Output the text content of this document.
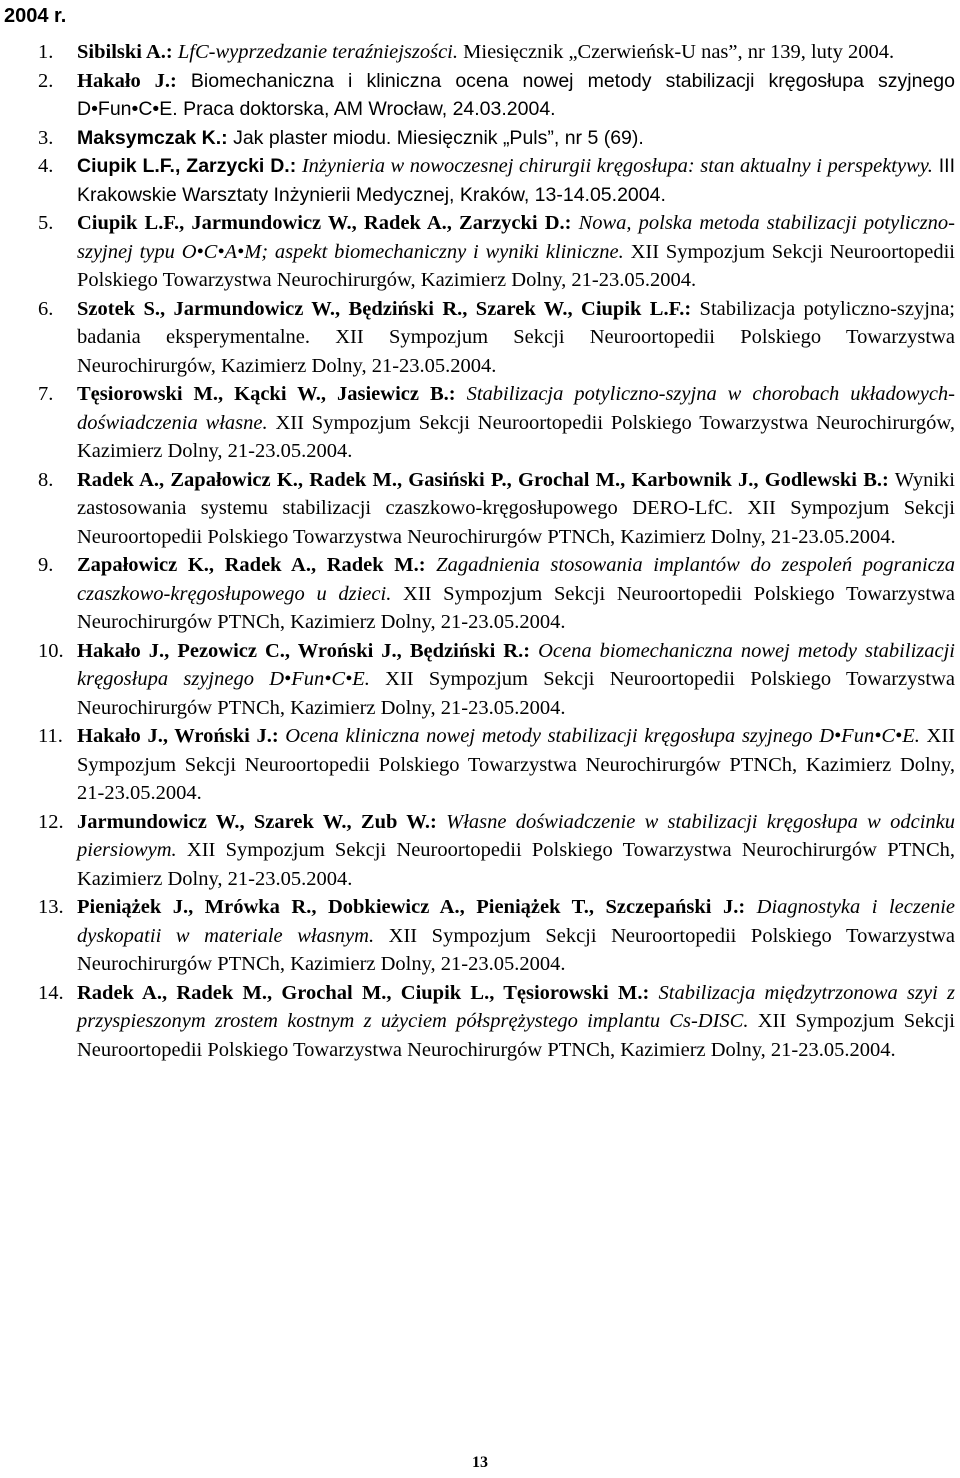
2004 r.
1. Sibilski A.: LfC-wyprzedzanie teraźniejszości. Miesięcznik „Czerwieńsk-U nas”, nr 139, luty 2004.
2. Hakało J.: Biomechaniczna i kliniczna ocena nowej metody stabilizacji kręgosłupa szyjnego D•Fun•C•E. Praca doktorska, AM Wrocław, 24.03.2004.
3. Maksymczak K.: Jak plaster miodu. Miesięcznik „Puls”, nr 5 (69).
4. Ciupik L.F., Zarzycki D.: Inżynieria w nowoczesnej chirurgii kręgosłupa: stan aktualny i perspektywy. III Krakowskie Warsztaty Inżynierii Medycznej, Kraków, 13-14.05.2004.
5. Ciupik L.F., Jarmundowicz W., Radek A., Zarzycki D.: Nowa, polska metoda stabilizacji potyliczno-szyjnej typu O•C•A•M; aspekt biomechaniczny i wyniki kliniczne. XII Sympozjum Sekcji Neuroortopedii Polskiego Towarzystwa Neurochirurgów, Kazimierz Dolny, 21-23.05.2004.
6. Szotek S., Jarmundowicz W., Będziński R., Szarek W., Ciupik L.F.: Stabilizacja potyliczno-szyjna; badania eksperymentalne. XII Sympozjum Sekcji Neuroortopedii Polskiego Towarzystwa Neurochirurgów, Kazimierz Dolny, 21-23.05.2004.
7. Tęsiorowski M., Kącki W., Jasiewicz B.: Stabilizacja potyliczno-szyjna w chorobach układowych-doświadczenia własne. XII Sympozjum Sekcji Neuroortopedii Polskiego Towarzystwa Neurochirurgów, Kazimierz Dolny, 21-23.05.2004.
8. Radek A., Zapałowicz K., Radek M., Gasiński P., Grochal M., Karbownik J., Godlewski B.: Wyniki zastosowania systemu stabilizacji czaszkowo-kręgosłupowego DERO-LfC. XII Sympozjum Sekcji Neuroortopedii Polskiego Towarzystwa Neurochirurgów PTNCh, Kazimierz Dolny, 21-23.05.2004.
9. Zapałowicz K., Radek A., Radek M.: Zagadnienia stosowania implantów do zespoleń pogranicza czaszkowo-kręgosłupowego u dzieci. XII Sympozjum Sekcji Neuroortopedii Polskiego Towarzystwa Neurochirurgów PTNCh, Kazimierz Dolny, 21-23.05.2004.
10. Hakało J., Pezowicz C., Wroński J., Będziński R.: Ocena biomechaniczna nowej metody stabilizacji kręgosłupa szyjnego D•Fun•C•E. XII Sympozjum Sekcji Neuroortopedii Polskiego Towarzystwa Neurochirurgów PTNCh, Kazimierz Dolny, 21-23.05.2004.
11. Hakało J., Wroński J.: Ocena kliniczna nowej metody stabilizacji kręgosłupa szyjnego D•Fun•C•E. XII Sympozjum Sekcji Neuroortopedii Polskiego Towarzystwa Neurochirurgów PTNCh, Kazimierz Dolny, 21-23.05.2004.
12. Jarmundowicz W., Szarek W., Zub W.: Własne doświadczenie w stabilizacji kręgosłupa w odcinku piersiowym. XII Sympozjum Sekcji Neuroortopedii Polskiego Towarzystwa Neurochirurgów PTNCh, Kazimierz Dolny, 21-23.05.2004.
13. Pieniążek J., Mrówka R., Dobkiewicz A., Pieniążek T., Szczepański J.: Diagnostyka i leczenie dyskopatii w materiale własnym. XII Sympozjum Sekcji Neuroortopedii Polskiego Towarzystwa Neurochirurgów PTNCh, Kazimierz Dolny, 21-23.05.2004.
14. Radek A., Radek M., Grochal M., Ciupik L., Tęsiorowski M.: Stabilizacja międzytrzonowa szyi z przyspieszonym zrostem kostnym z użyciem półsprężystego implantu Cs-DISC. XII Sympozjum Sekcji Neuroortopedii Polskiego Towarzystwa Neurochirurgów PTNCh, Kazimierz Dolny, 21-23.05.2004.
13
